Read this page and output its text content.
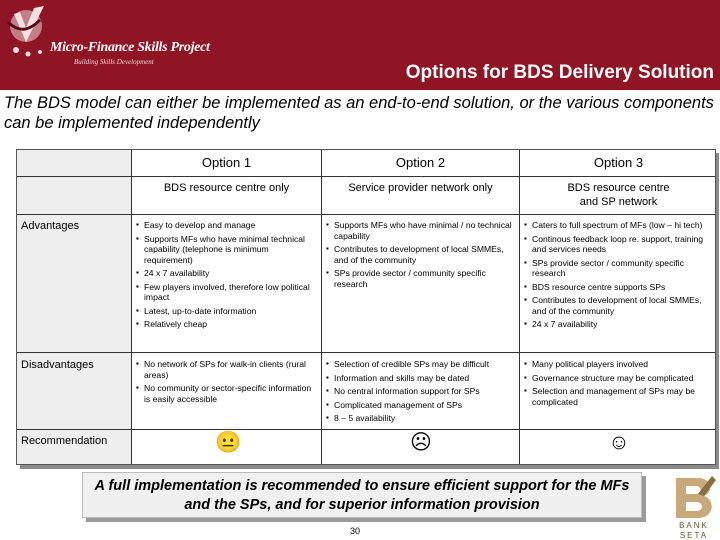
Micro-Finance Skills Project
Building Skills Development	Options for BDS Delivery Solution
The BDS model can either be implemented as an end-to-end solution, or the various components can be implemented independently
Advantages
Disadvantages
Recommendation
Option 1
BDS resource centre only
▪ Easy to develop and manage
▪ Supports MFs who have minimal technical capability (telephone is minimum requirement)
▪ 24 x 7 availability
▪ Few players involved, therefore low political impact
▪ Latest, up-to-date information
▪ Relatively cheap
▪ No network of SPs for walk-in clients (rural areas)
▪ No community or sector-specific information is easily accessible
😐
Option 2
Service provider network only
▪ Supports MFs who have minimal / no technical capability
▪ Contributes to development of local SMMEs, and of the community
▪ SPs provide sector / community specific research
▪ Selection of credible SPs may be difficult
▪ Information and skills may be dated
▪ No central information support for SPs
▪ Complicated management of SPs
▪ 8 – 5 availability
☹
Option 3
BDS resource centre and SP network
▪ Caters to full spectrum of MFs (low – hi tech)
▪ Continous feedback loop re. support, training and services needs
▪ SPs provide sector / community specific research
▪ BDS resource centre supports SPs
▪ Contributes to development of local SMMEs, and of the community
▪ 24 x 7 availability
▪ Many political players involved
▪ Governance structure may be complicated
▪ Selection and management of SPs may be complicated
☺
A full implementation is recommended to ensure efficient support for the MFs and the SPs, and for superior information provision
30
BANK
SETA
